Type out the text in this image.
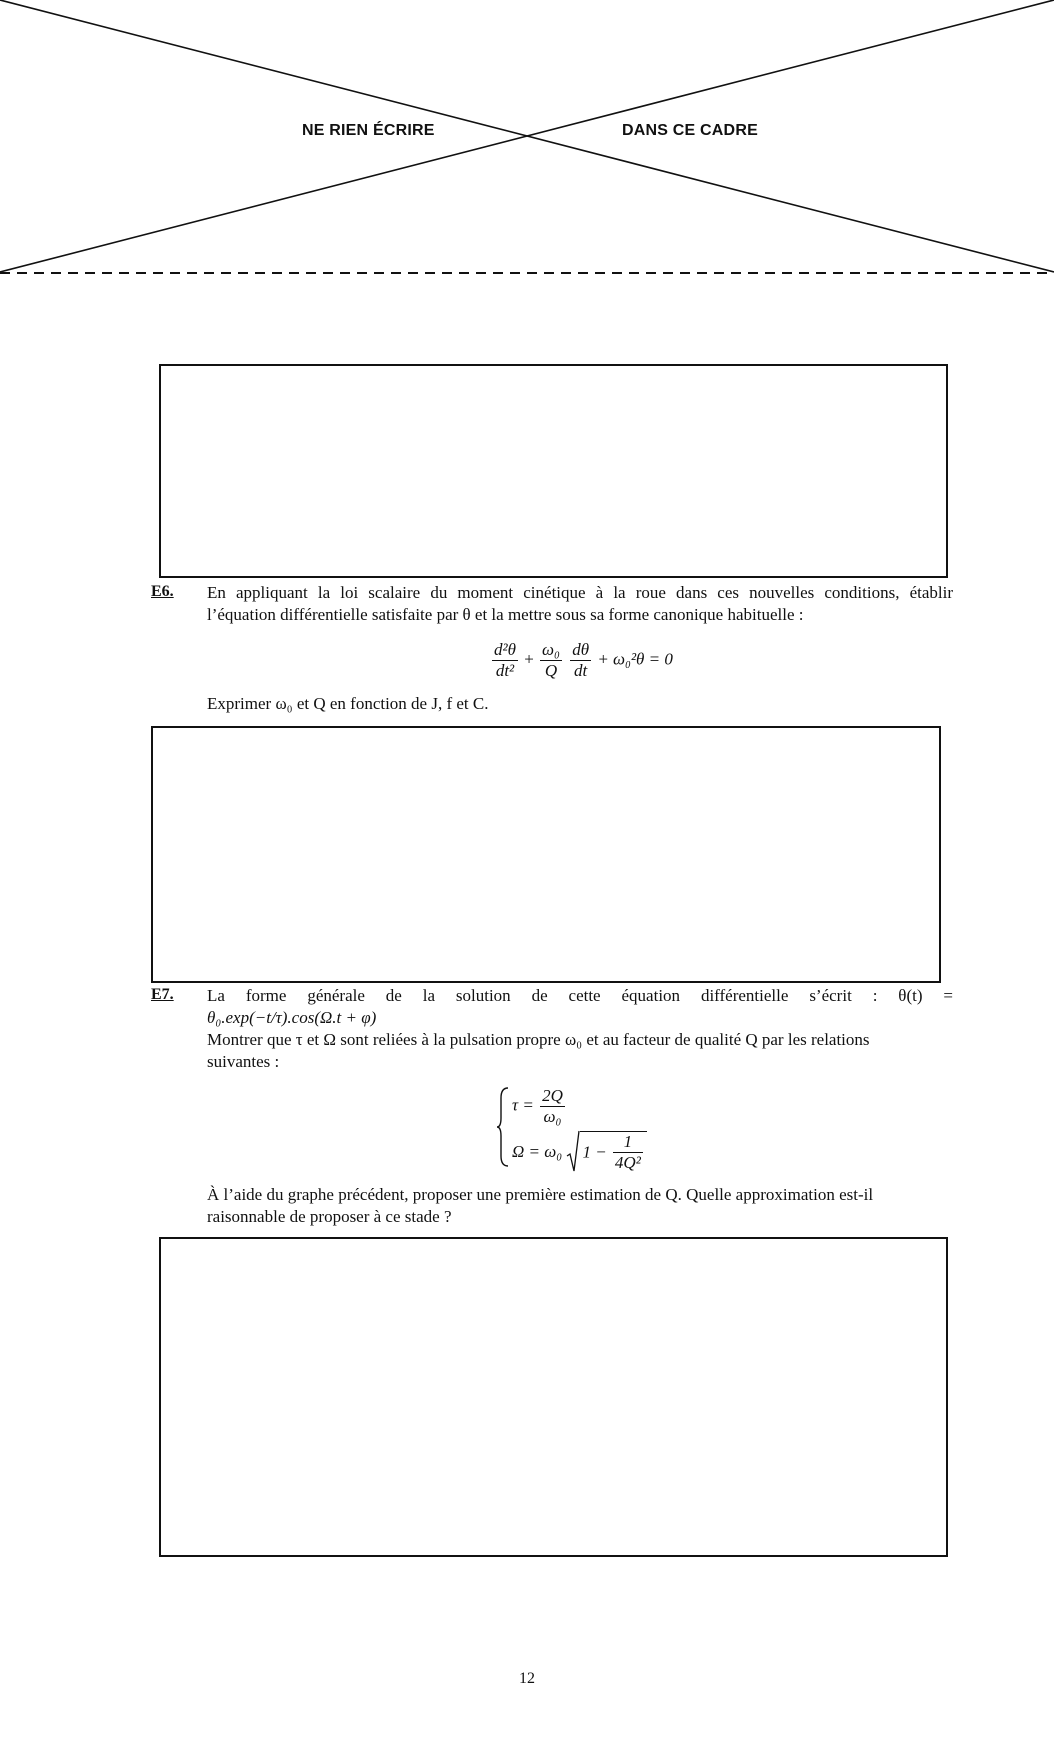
NE RIEN ÉCRIRE	DANS CE CADRE
E6. En appliquant la loi scalaire du moment cinétique à la roue dans ces nouvelles conditions, établir
l’équation différentielle satisfaite par θ et la mettre sous sa forme canonique habituelle :
$\frac{\text{d²θ}}{\text{dt²}} + \frac{\text{ω₀}}{Q}$
$\frac{d\theta}{dt} + \omega_0^2\theta = 0$
Exprimer ω₀ et Q en fonction de J, f et C.
E7. La forme générale de la solution de cette équation différentielle s’écrit : θ(t) =
θ₀.exp(−t/τ).cos(Ω.t + φ)
Montrer que τ et Ω sont reliées à la pulsation propre ω₀ et au facteur de qualité Q par les relations
suivantes :
$\tau = \frac{2Q}{\text{ω₀}}$
Ω = ω₀ $1 - \frac{1}{\text{4Q²}}$
À l’aide du graphe précédent, proposer une première estimation de Q. Quelle approximation est-il
raisonnable de proposer à ce stade ?
12
